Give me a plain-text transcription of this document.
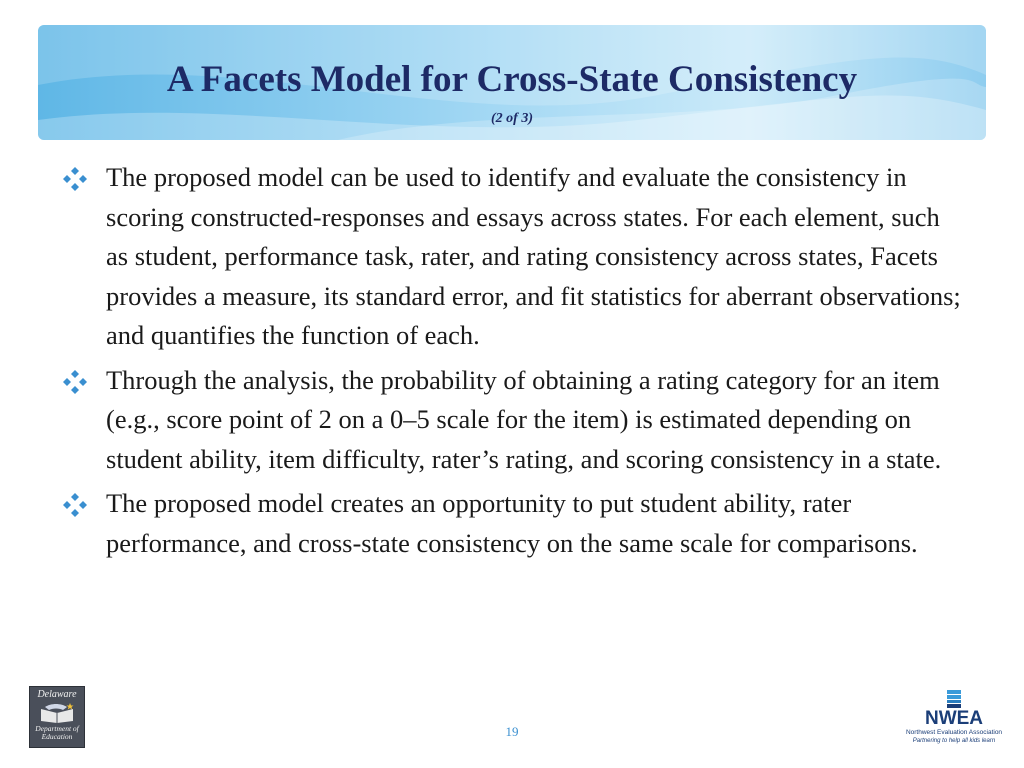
A Facets Model for Cross-State Consistency
(2 of 3)
The proposed model can be used to identify and evaluate the consistency in scoring constructed-responses and essays across states. For each element, such as student, performance task, rater, and rating consistency across states, Facets provides a measure, its standard error, and fit statistics for aberrant observations; and quantifies the function of each.
Through the analysis, the probability of obtaining a rating category for an item (e.g., score point of 2 on a 0–5 scale for the item) is estimated depending on student ability, item difficulty, rater’s rating, and scoring consistency in a state.
The proposed model creates an opportunity to put student ability, rater performance, and cross-state consistency on the same scale for comparisons.
Delaware
Department of Education	19
NWEA
Northwest Evaluation Association
Partnering to help all kids learn
